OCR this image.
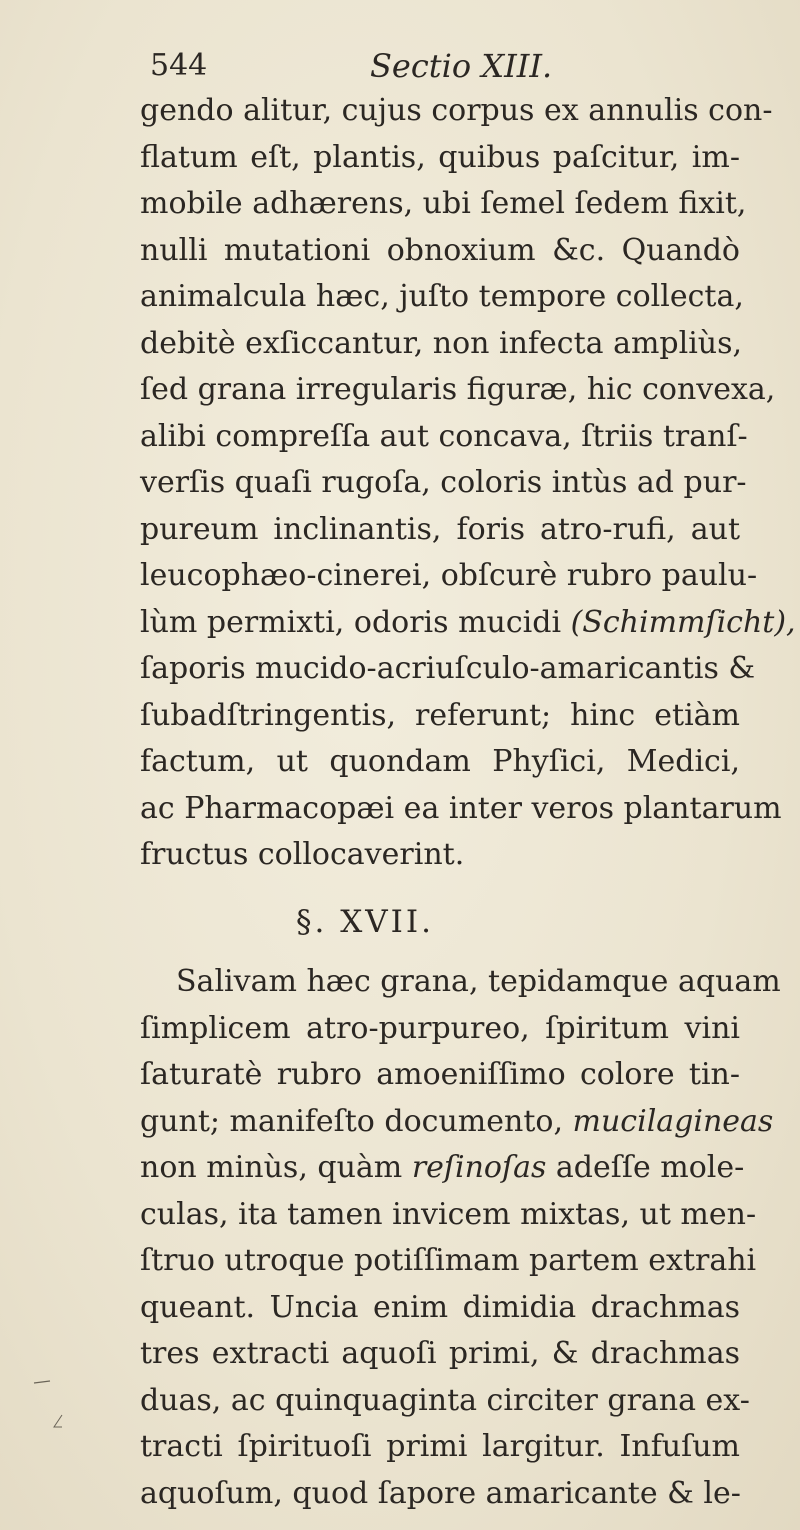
544	Sectio XIII.
gendo alitur, cujus corpus ex annulis con-
flatum eſt, plantis, quibus paſcitur, im-
mobile adhærens, ubi ſemel ſedem fixit,
nulli mutationi obnoxium &c. Quandò
animalcula hæc, juſto tempore collecta,
debitè exſiccantur, non infecta ampliùs,
ſed grana irregularis figuræ, hic convexa,
alibi compreſſa aut concava, ſtriis tranſ-
verſis quaſi rugoſa, coloris intùs ad pur-
pureum inclinantis, foris atro-rufi, aut
leucophæo-cinerei, obſcurè rubro paulu-
lùm permixti, odoris mucidi (Schimmſicht),
ſaporis mucido-acriuſculo-amaricantis &
ſubadſtringentis, referunt; hinc etiàm
factum, ut quondam Phyſici, Medici,
ac Pharmacopæi ea inter veros plantarum
fructus collocaverint.
§. XVII.
Salivam hæc grana, tepidamque aquam
ſimplicem atro-purpureo, ſpiritum vini
ſaturatè rubro amoeniſſimo colore tin-
gunt; manifeſto documento, mucilagineas
non minùs, quàm reſinoſas adeſſe mole-
culas, ita tamen invicem mixtas, ut men-
ſtruo utroque potiſſimam partem extrahi
queant. Uncia enim dimidia drachmas
tres extracti aquoſi primi, & drachmas
duas, ac quinquaginta circiter grana ex-
tracti ſpirituoſi primi largitur. Infuſum
aquoſum, quod ſapore amaricante & le-
